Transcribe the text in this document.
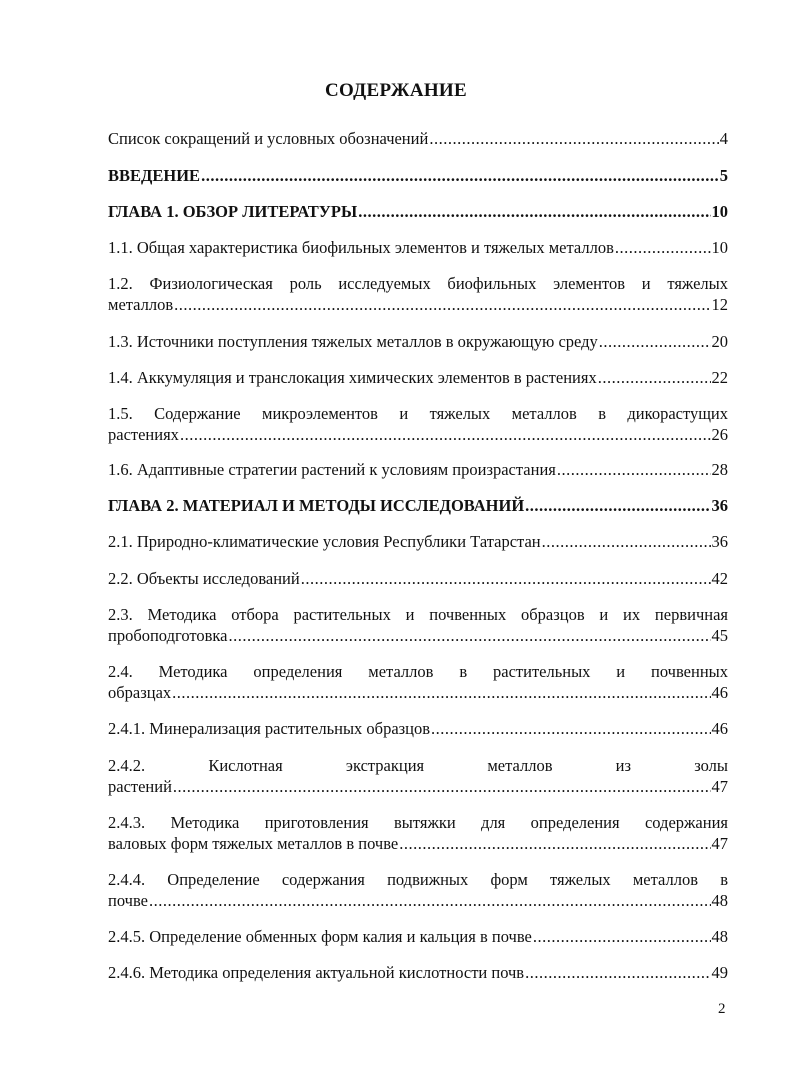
СОДЕРЖАНИЕ
Список сокращений и условных обозначений .....	4
ВВЕДЕНИЕ .....	5
ГЛАВА 1. ОБЗОР ЛИТЕРАТУРЫ .....	10
1.1. Общая характеристика биофильных элементов и тяжелых металлов .....	10
1.2. Физиологическая роль исследуемых биофильных элементов и тяжелых
металлов .....	12
1.3. Источники поступления тяжелых металлов в окружающую среду .....	20
1.4. Аккумуляция и транслокация химических элементов в растениях .....	22
1.5. Содержание микроэлементов и тяжелых металлов в дикорастущих
растениях .....	26
1.6. Адаптивные стратегии растений к условиям произрастания .....	28
ГЛАВА 2. МАТЕРИАЛ И МЕТОДЫ ИССЛЕДОВАНИЙ .....	36
2.1. Природно-климатические условия Республики Татарстан .....	36
2.2. Объекты исследований .....	42
2.3. Методика отбора растительных и почвенных образцов и их первичная
пробоподготовка .....	45
2.4. Методика определения металлов в растительных и почвенных
образцах .....	46
2.4.1. Минерализация растительных образцов .....	46
2.4.2. Кислотная экстракция металлов из золы
растений .....	47
2.4.3. Методика приготовления вытяжки для определения содержания
валовых форм тяжелых металлов в почве .....	47
2.4.4. Определение содержания подвижных форм тяжелых металлов в
почве .....	48
2.4.5. Определение обменных форм калия и кальция в почве .....	48
2.4.6. Методика определения актуальной кислотности почв .....	49
2
